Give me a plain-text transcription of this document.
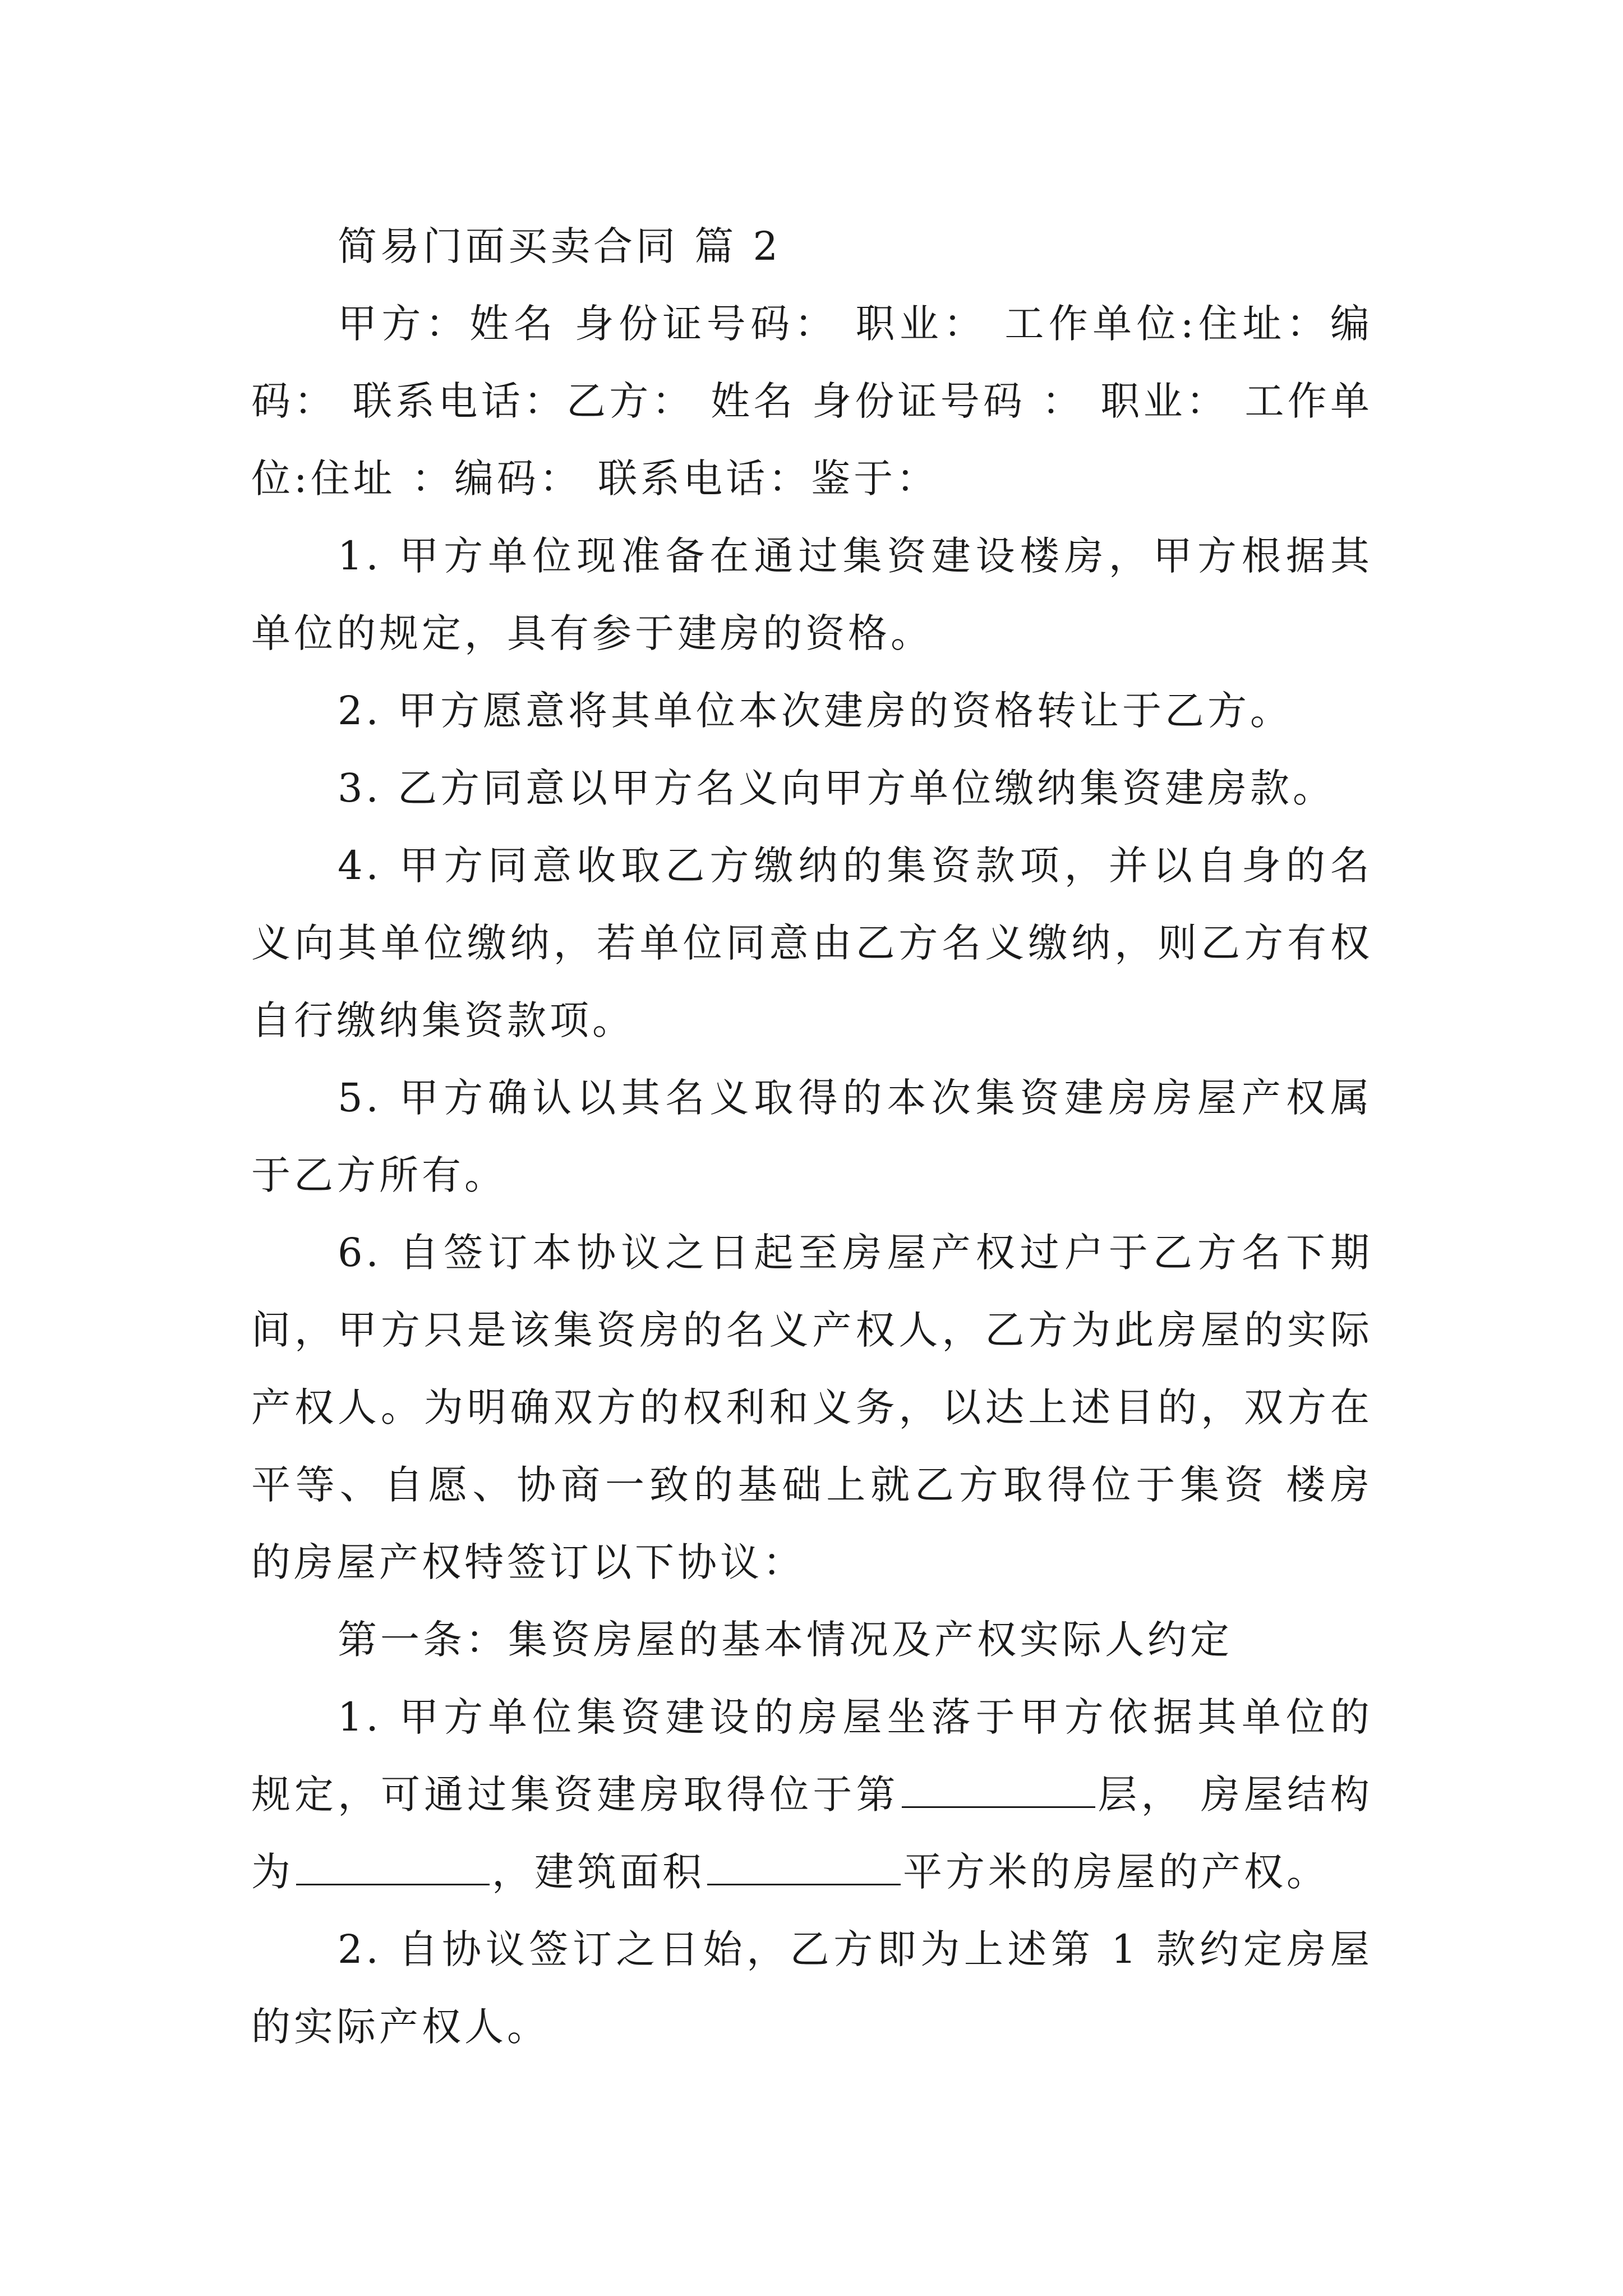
简易门面买卖合同 篇 2

甲方：姓名 身份证号码： 职业： 工作单位:住址：编码： 联系电话：乙方： 姓名 身份证号码 ： 职业： 工作单位:住址 ：编码： 联系电话：鉴于：

1. 甲方单位现准备在通过集资建设楼房，甲方根据其单位的规定，具有参于建房的资格。

2. 甲方愿意将其单位本次建房的资格转让于乙方。

3. 乙方同意以甲方名义向甲方单位缴纳集资建房款。

4. 甲方同意收取乙方缴纳的集资款项，并以自身的名义向其单位缴纳，若单位同意由乙方名义缴纳，则乙方有权自行缴纳集资款项。

5. 甲方确认以其名义取得的本次集资建房房屋产权属于乙方所有。

6. 自签订本协议之日起至房屋产权过户于乙方名下期间，甲方只是该集资房的名义产权人，乙方为此房屋的实际产权人。为明确双方的权利和义务，以达上述目的，双方在平等、自愿、协商一致的基础上就乙方取得位于集资 楼房的房屋产权特签订以下协议：

第一条：集资房屋的基本情况及产权实际人约定

1. 甲方单位集资建设的房屋坐落于甲方依据其单位的规定，可通过集资建房取得位于第	层， 房屋结构为	，建筑面积	平方米的房屋的产权。

2. 自协议签订之日始，乙方即为上述第 1 款约定房屋的实际产权人。
